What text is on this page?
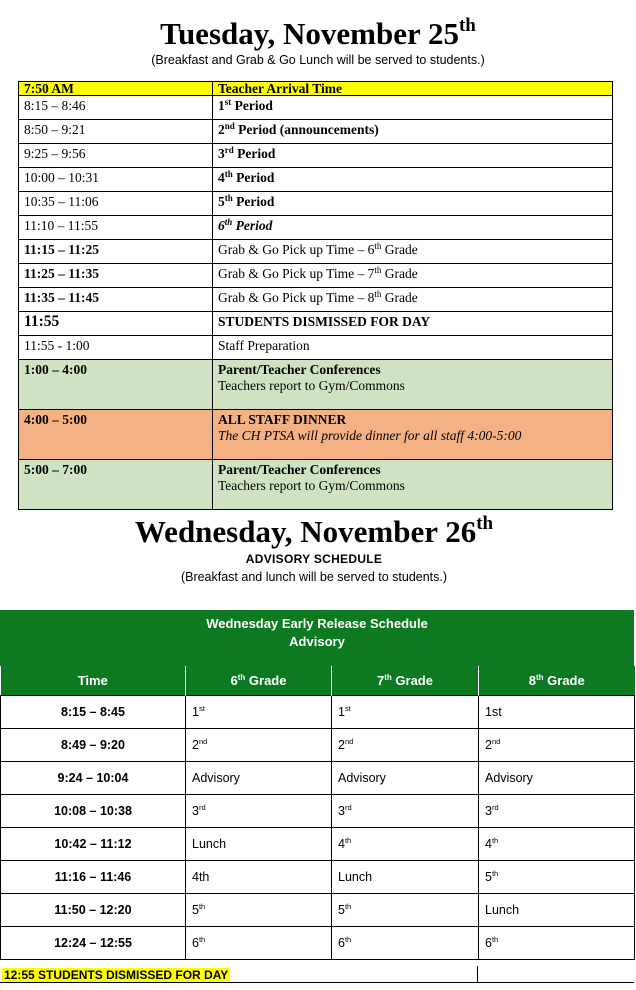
Tuesday, November 25th
(Breakfast and Grab & Go Lunch will be served to students.)
7:50 AM	Teacher Arrival Time
8:15 – 8:46	1st Period
8:50 – 9:21	2nd Period (announcements)
9:25 – 9:56	3rd Period
10:00 – 10:31	4th Period
10:35 – 11:06	5th Period
11:10 – 11:55	6th Period
11:15 – 11:25	Grab & Go Pick up Time – 6th Grade
11:25 – 11:35	Grab & Go Pick up Time – 7th Grade
11:35 – 11:45	Grab & Go Pick up Time – 8th Grade
11:55	STUDENTS DISMISSED FOR DAY
11:55 - 1:00	Staff Preparation
1:00 – 4:00	Parent/Teacher Conferences
Teachers report to Gym/Commons

4:00 – 5:00	ALL STAFF DINNER
The CH PTSA will provide dinner for all staff 4:00-5:00

5:00 – 7:00	Parent/Teacher Conferences
Teachers report to Gym/Commons
Wednesday, November 26th
ADVISORY SCHEDULE
(Breakfast and lunch will be served to students.)
Wednesday Early Release Schedule
Advisory
Time	6th Grade	7th Grade	8th Grade
8:15 – 8:45	1st	1st	1st
8:49 – 9:20	2nd	2nd	2nd
9:24 – 10:04	Advisory	Advisory	Advisory
10:08 – 10:38	3rd	3rd	3rd
10:42 – 11:12	Lunch	4th	4th
11:16 – 11:46	4th	Lunch	5th
11:50 – 12:20	5th	5th	Lunch
12:24 – 12:55	6th	6th	6th
12:55 STUDENTS DISMISSED FOR DAY
